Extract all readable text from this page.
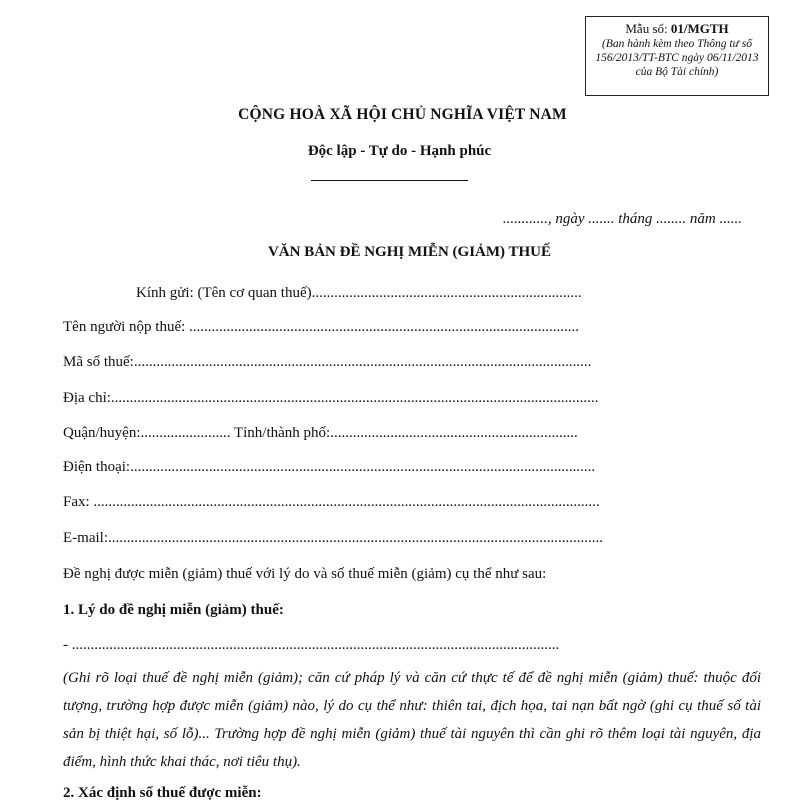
Mẫu số: 01/MGTH
(Ban hành kèm theo Thông tư số 156/2013/TT-BTC ngày 06/11/2013 của Bộ Tài chính)
CỘNG HOÀ XÃ HỘI CHỦ NGHĨA VIỆT NAM
Độc lập - Tự do - Hạnh phúc
............, ngày ....... tháng ........ năm ......
VĂN BẢN ĐỀ NGHỊ MIỄN (GIẢM) THUẾ
Kính gửi: (Tên cơ quan thuế)........................................................................
Tên người nộp thuế: ........................................................................................................
Mã số thuế:..........................................................................................................................
Địa chỉ:..................................................................................................................................
Quận/huyện:........................ Tỉnh/thành phố:..................................................................
Điện thoại:............................................................................................................................
Fax: .......................................................................................................................................
E-mail:....................................................................................................................................
Đề nghị được miễn (giảm) thuế với lý do và số thuế miễn (giảm) cụ thể như sau:
1. Lý do đề nghị miễn (giảm) thuế:
- ..................................................................................................................................
(Ghi rõ loại thuế đề nghị miễn (giảm); căn cứ pháp lý và căn cứ thực tế để đề nghị miễn (giảm) thuế: thuộc đối tượng, trường hợp được miễn (giảm) nào, lý do cụ thể như: thiên tai, địch họa, tai nạn bất ngờ (ghi cụ thuế số tài sản bị thiệt hại, số lỗ)... Trường hợp đề nghị miễn (giảm) thuế tài nguyên thì cần ghi rõ thêm loại tài nguyên, địa điểm, hình thức khai thác, nơi tiêu thụ).
2. Xác định số thuế được miễn:
